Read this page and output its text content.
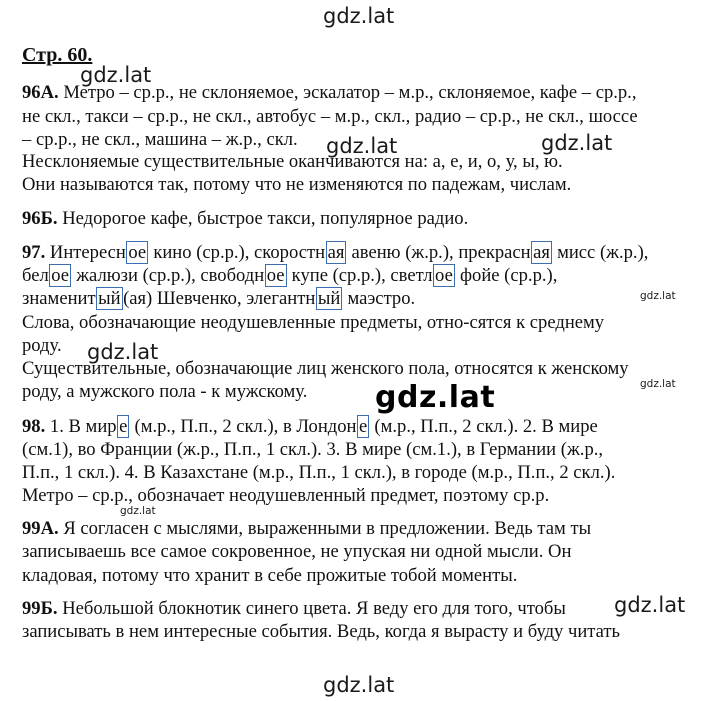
gdz.lat
gdz.lat
gdz.lat	gdz.lat
gdz.lat
gdz.lat
gdz.lat
gdz.lat
gdz.lat
gdz.lat
gdz.lat
Стр. 60.
96А. Метро – ср.р., не склоняемое, эскалатор – м.р., склоняемое, кафе – ср.р.,
не скл., такси – ср.р., не скл., автобус – м.р., скл., радио – ср.р., не скл., шоссе
– ср.р., не скл., машина – ж.р., скл.
Несклоняемые существительные оканчиваются на: а, е, и, о, у, ы, ю.
Они называются так, потому что не изменяются по падежам, числам.
96Б. Недорогое кафе, быстрое такси, популярное радио.
97. Интересн ое кино (ср.р.), скоростн ая авеню (ж.р.), прекрасн ая мисс (ж.р.),
бел ое жалюзи (ср.р.), свободн ое купе (ср.р.), светл ое фойе (ср.р.),
знаменит ый (ая) Шевченко, элегантн ый маэстро.
Слова, обозначающие неодушевленные предметы, отно-сятся к среднему
роду.
Существительные, обозначающие лиц женского пола, относятся к женскому
роду, а мужского пола - к мужскому.
98. 1. В мир е (м.р., П.п., 2 скл.), в Лондон е (м.р., П.п., 2 скл.). 2. В мире
(см.1), во Франции (ж.р., П.п., 1 скл.). 3. В мире (см.1.), в Германии (ж.р.,
П.п., 1 скл.). 4. В Казахстане (м.р., П.п., 1 скл.), в городе (м.р., П.п., 2 скл.).
Метро – ср.р., обозначает неодушевленный предмет, поэтому ср.р.
99А. Я согласен с мыслями, выраженными в предложении. Ведь там ты
записываешь все самое сокровенное, не упуская ни одной мысли. Он
кладовая, потому что хранит в себе прожитые тобой моменты.
99Б. Небольшой блокнотик синего цвета. Я веду его для того, чтобы
записывать в нем интересные события. Ведь, когда я вырасту и буду читать
